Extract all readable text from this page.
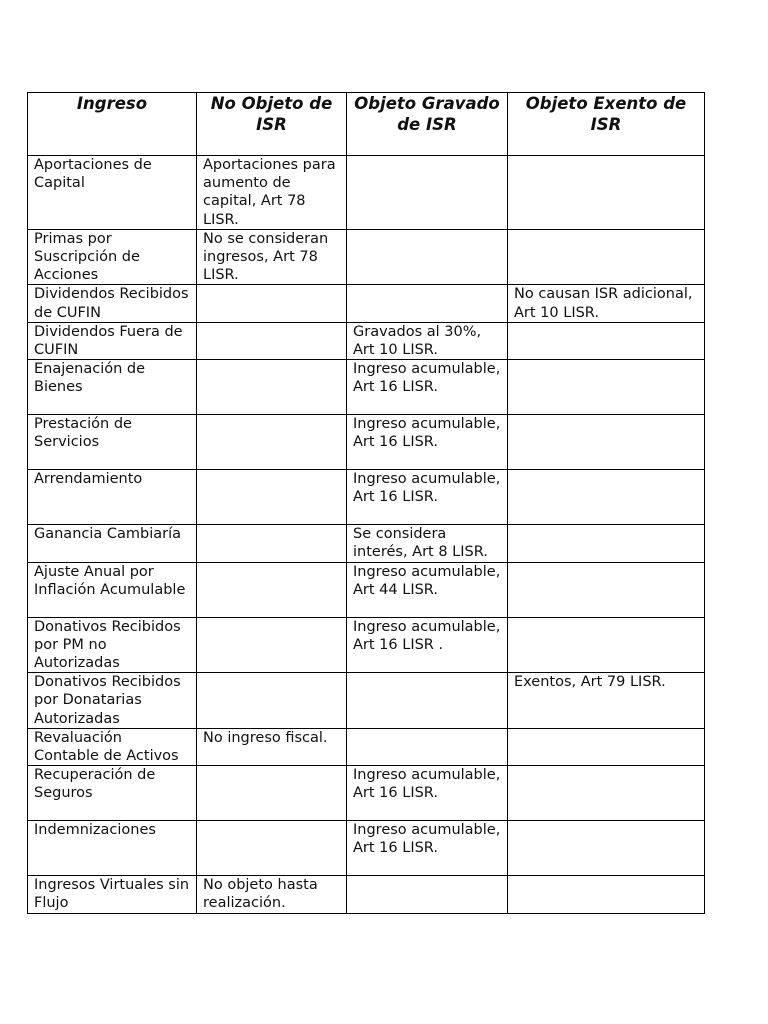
Ingreso	No Objeto de ISR	Objeto Gravado de ISR	Objeto Exento de ISR
Aportaciones de Capital	Aportaciones para aumento de capital, Art 78 LISR.		
Primas por Suscripción de Acciones	No se consideran ingresos, Art 78 LISR.		
Dividendos Recibidos de CUFIN			No causan ISR adicional, Art 10 LISR.
Dividendos Fuera de CUFIN		Gravados al 30%, Art 10 LISR.	
Enajenación de Bienes		Ingreso acumulable, Art 16 LISR.	
Prestación de Servicios		Ingreso acumulable, Art 16 LISR.	
Arrendamiento		Ingreso acumulable, Art 16 LISR.	
Ganancia Cambiaría		Se considera interés, Art 8 LISR.	
Ajuste Anual por Inflación Acumulable		Ingreso acumulable, Art 44 LISR.	
Donativos Recibidos por PM no Autorizadas		Ingreso acumulable, Art 16 LISR .	
Donativos Recibidos por Donatarias Autorizadas			Exentos, Art 79 LISR.
Revaluación Contable de Activos	No ingreso fiscal.		
Recuperación de Seguros		Ingreso acumulable, Art 16 LISR.	
Indemnizaciones		Ingreso acumulable, Art 16 LISR.	
Ingresos Virtuales sin Flujo	No objeto hasta realización.		
